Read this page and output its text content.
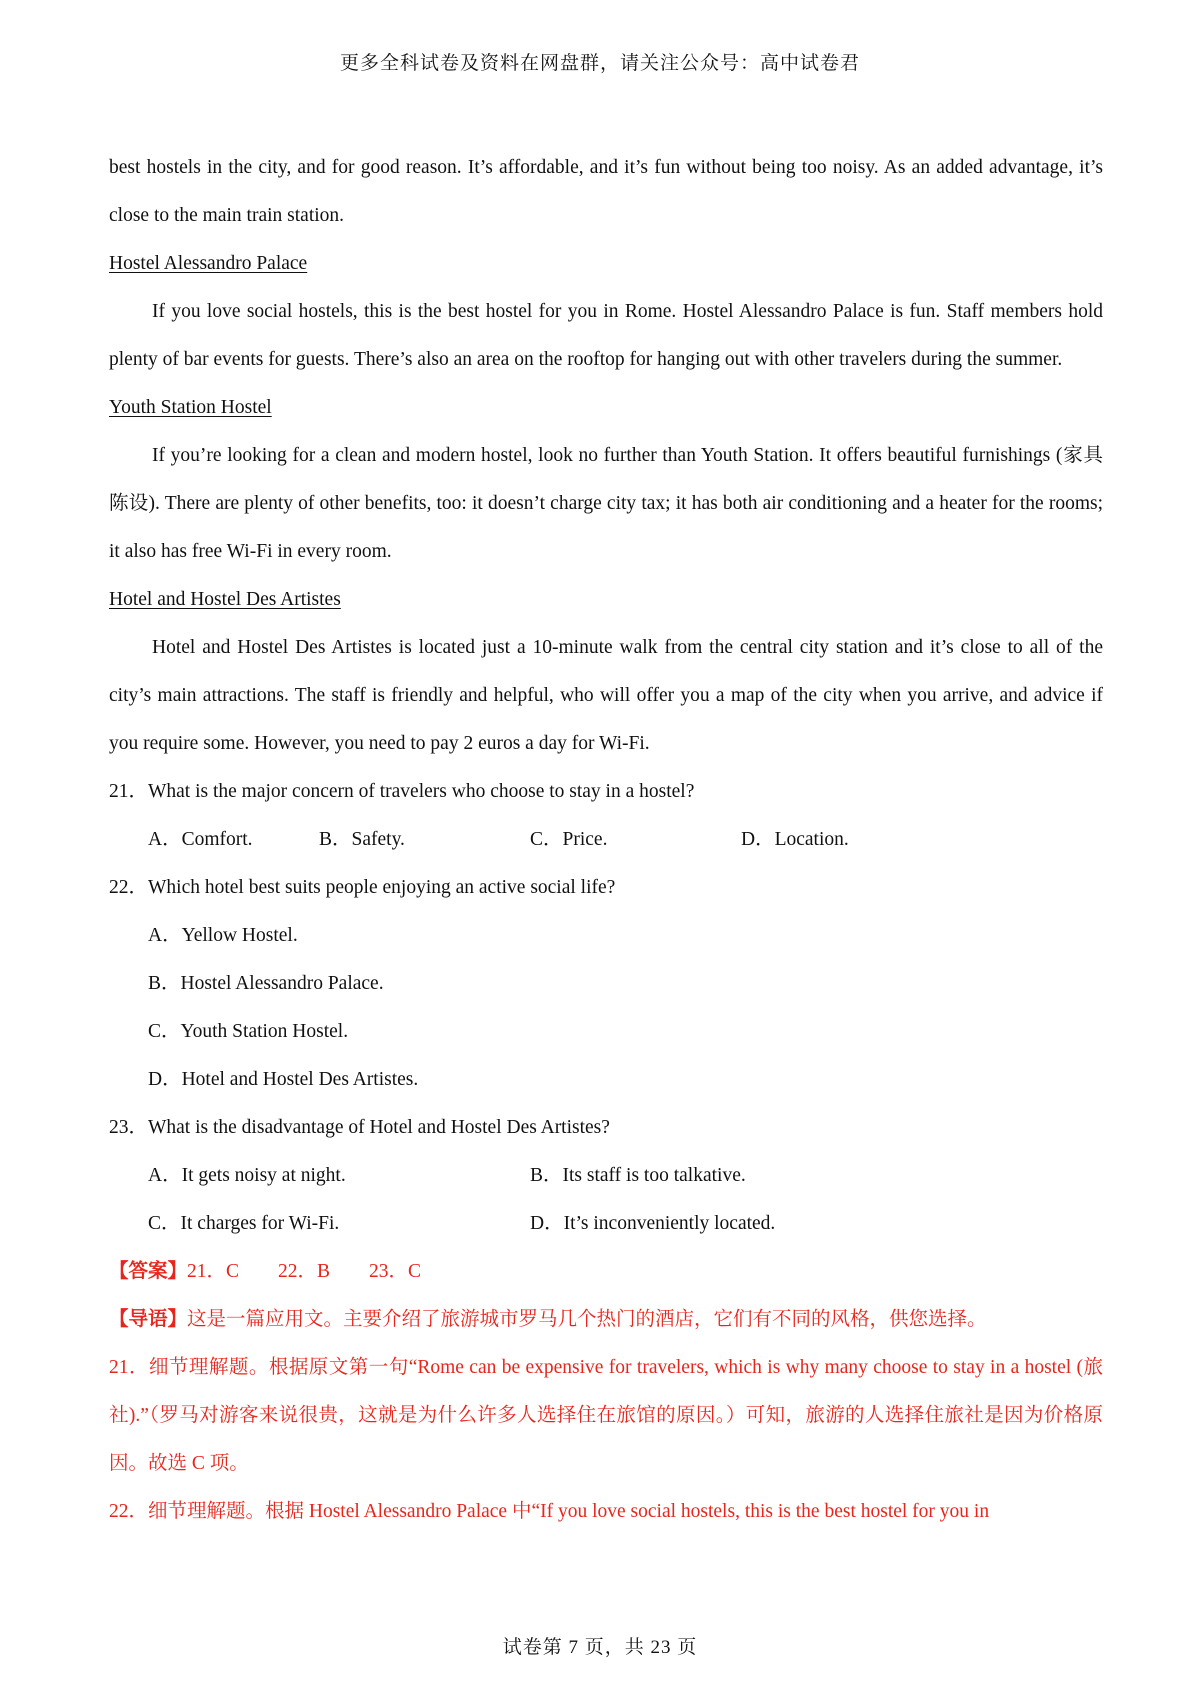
更多全科试卷及资料在网盘群，请关注公众号：高中试卷君

best hostels in the city, and for good reason. It’s affordable, and it’s fun without being too noisy. As an added advantage, it’s close to the main train station.

Hostel Alessandro Palace

If you love social hostels, this is the best hostel for you in Rome. Hostel Alessandro Palace is fun. Staff members hold plenty of bar events for guests. There’s also an area on the rooftop for hanging out with other travelers during the summer.

Youth Station Hostel

If you’re looking for a clean and modern hostel, look no further than Youth Station. It offers beautiful furnishings (家具陈设). There are plenty of other benefits, too: it doesn’t charge city tax; it has both air conditioning and a heater for the rooms; it also has free Wi-Fi in every room.

Hotel and Hostel Des Artistes

Hotel and Hostel Des Artistes is located just a 10-minute walk from the central city station and it’s close to all of the city’s main attractions. The staff is friendly and helpful, who will offer you a map of the city when you arrive, and advice if you require some. However, you need to pay 2 euros a day for Wi-Fi.

21．What is the major concern of travelers who choose to stay in a hostel?

A．Comfort.	B．Safety.	C．Price.	D．Location.

22．Which hotel best suits people enjoying an active social life?

A．Yellow Hostel.

B．Hostel Alessandro Palace.

C．Youth Station Hostel.

D．Hotel and Hostel Des Artistes.

23．What is the disadvantage of Hotel and Hostel Des Artistes?

A．It gets noisy at night.	B．Its staff is too talkative.
C．It charges for Wi-Fi.	D．It’s inconveniently located.

【答案】21．C　　22．B　　23．C

【导语】这是一篇应用文。主要介绍了旅游城市罗马几个热门的酒店，它们有不同的风格，供您选择。

21．细节理解题。根据原文第一句“Rome can be expensive for travelers, which is why many choose to stay in a hostel (旅社).”（罗马对游客来说很贵，这就是为什么许多人选择住在旅馆的原因。）可知，旅游的人选择住旅社是因为价格原因。故选 C 项。

22．细节理解题。根据 Hostel Alessandro Palace 中“If you love social hostels, this is the best hostel for you in

试卷第 7 页，共 23 页
